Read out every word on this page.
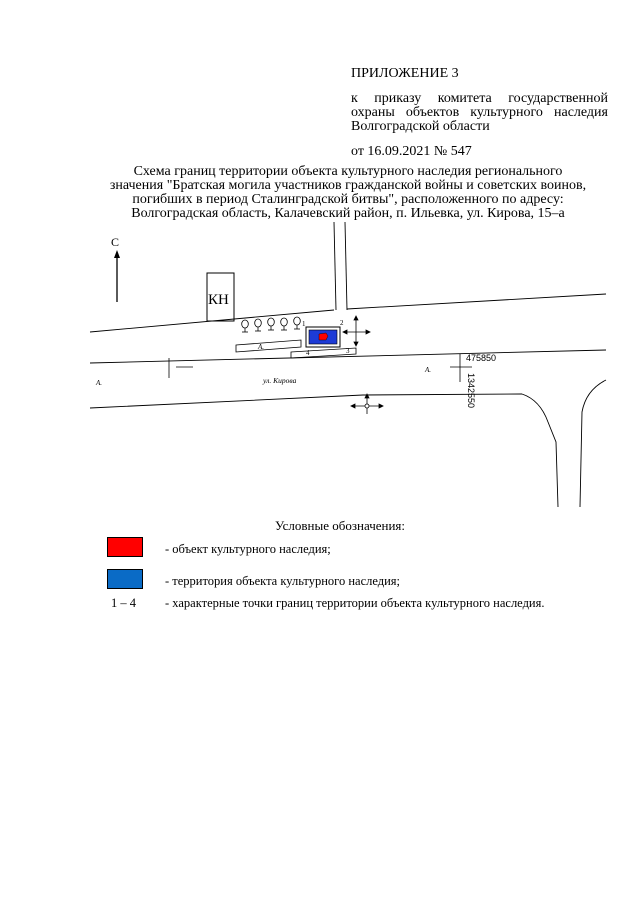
ПРИЛОЖЕНИЕ 3
к приказу комитета государственной
охраны объектов культурного наследия
Волгоградской области
от 16.09.2021 № 547
Схема границ территории объекта культурного наследия регионального
значения "Братская могила участников гражданской войны и советских воинов,
погибших в период Сталинградской битвы", расположенного по адресу:
Волгоградская область, Калачевский район, п. Ильевка, ул. Кирова, 15–а
С
КН
А.
1	2
3
4
А.
А.
ул. Кирова
475850
1342550
Условные обозначения:
- объект культурного наследия;
- территория объекта культурного наследия;
1 – 4 - характерные точки границ территории объекта культурного наследия.
